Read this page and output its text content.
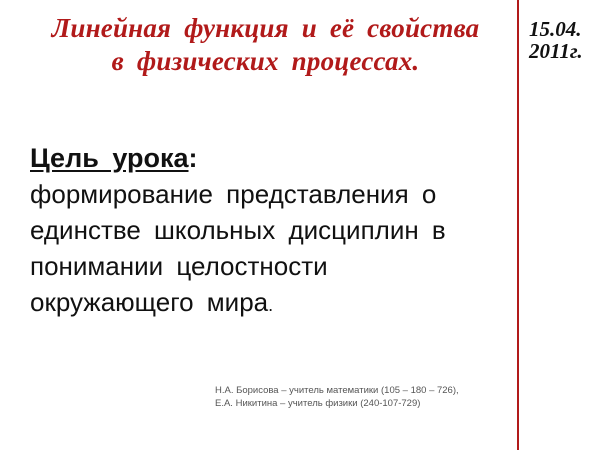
Линейная функция и её свойства
в физических процессах.
15.04.
2011г.
Цель урока:
формирование представления о
единстве школьных дисциплин в
понимании целостности
окружающего мира.
Н.А. Борисова – учитель математики (105 – 180 – 726),
Е.А. Никитина – учитель физики (240-107-729)
